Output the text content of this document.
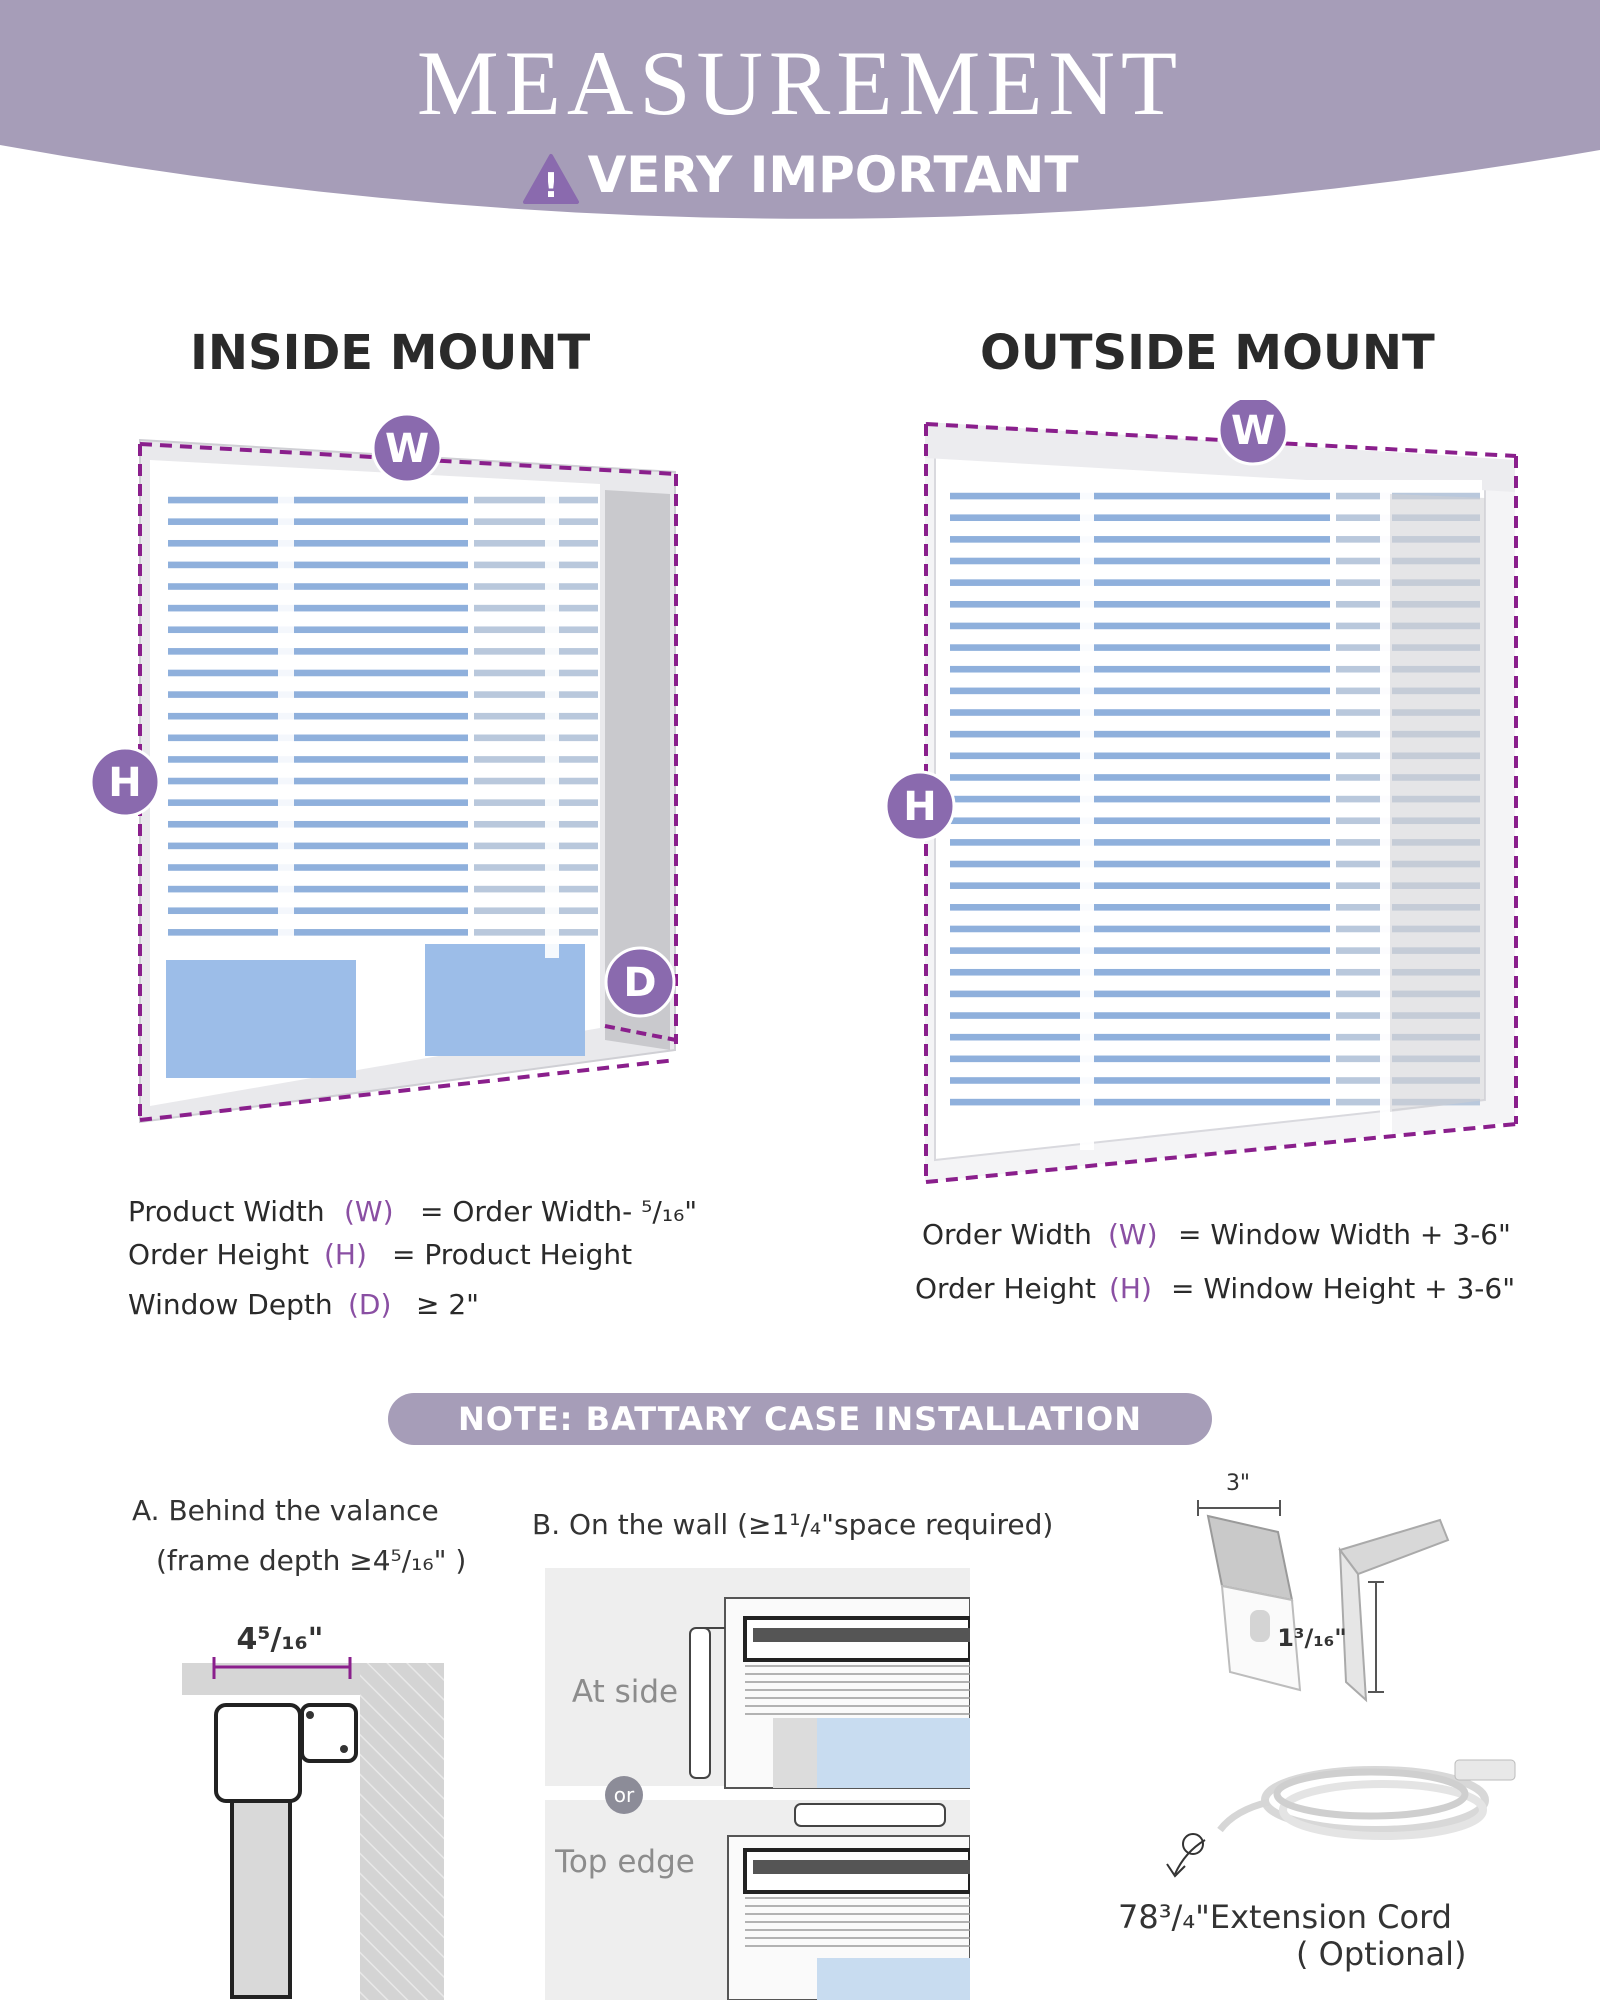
MEASUREMENT
! VERY IMPORTANT
INSIDE MOUNT	OUTSIDE MOUNT
W
H
D
W
H
Product Width (W) = Order Width- ⁵/₁₆"
Order Height (H) = Product Height
Window Depth (D) ≥ 2"
Order Width (W) = Window Width + 3-6"
Order Height (H) = Window Height + 3-6"
NOTE: BATTARY CASE INSTALLATION
A. Behind the valance
(frame depth ≥4⁵/₁₆" )
4⁵/₁₆"
B. On the wall (≥1¹/₄"space required)
At side
or
Top edge
3"
1³/₁₆"
78³/₄"Extension Cord
( Optional)
